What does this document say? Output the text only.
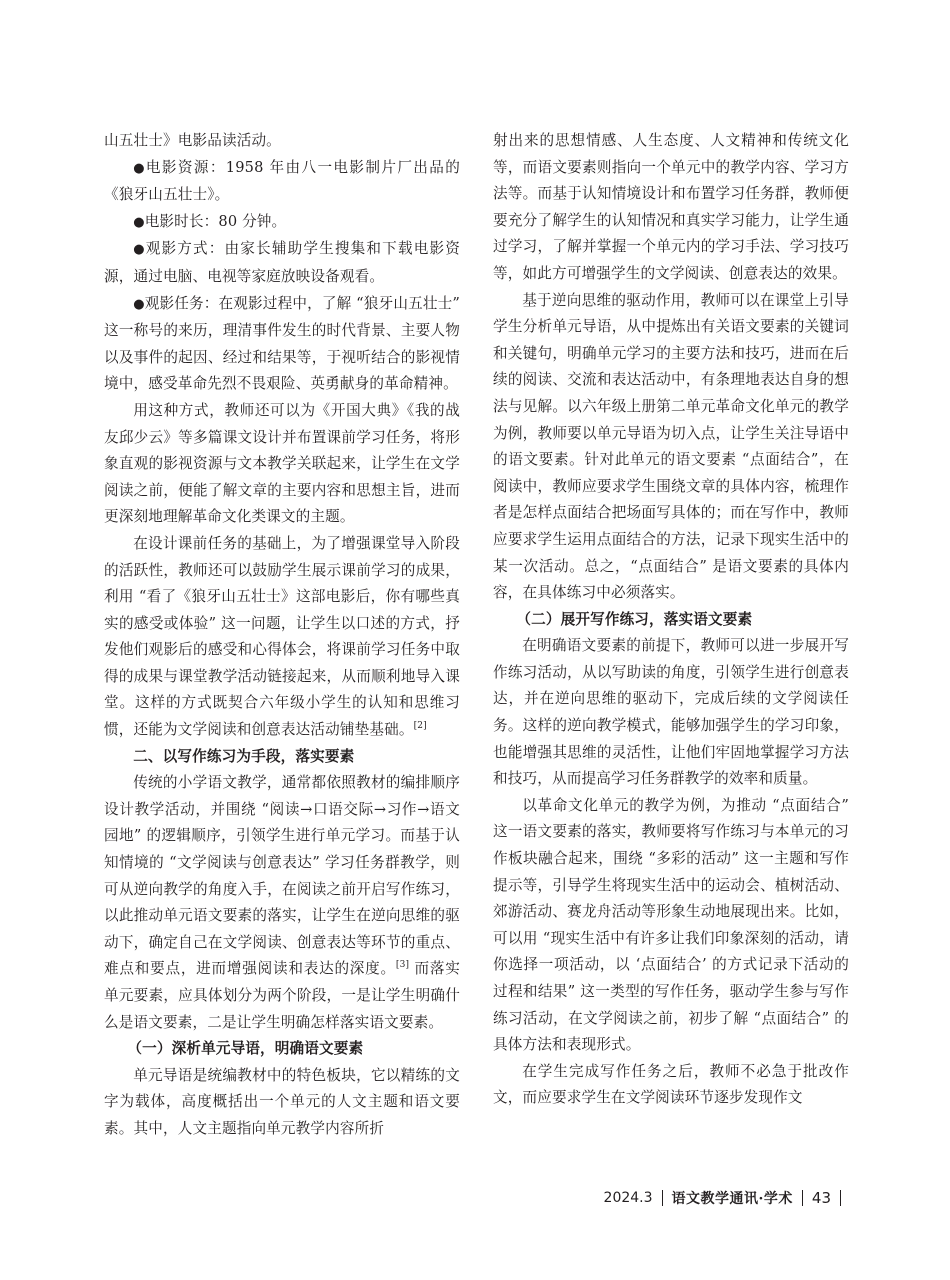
山五壮士》电影品读活动。

●电影资源：1958 年由八一电影制片厂出品的《狼牙山五壮士》。

●电影时长：80 分钟。

●观影方式：由家长辅助学生搜集和下载电影资源，通过电脑、电视等家庭放映设备观看。

●观影任务：在观影过程中，了解 “狼牙山五壮士” 这一称号的来历，理清事件发生的时代背景、主要人物以及事件的起因、经过和结果等，于视听结合的影视情境中，感受革命先烈不畏艰险、英勇献身的革命精神。

用这种方式，教师还可以为《开国大典》《我的战友邱少云》等多篇课文设计并布置课前学习任务，将形象直观的影视资源与文本教学关联起来，让学生在文学阅读之前，便能了解文章的主要内容和思想主旨，进而更深刻地理解革命文化类课文的主题。

在设计课前任务的基础上，为了增强课堂导入阶段的活跃性，教师还可以鼓励学生展示课前学习的成果，利用 “看了《狼牙山五壮士》这部电影后，你有哪些真实的感受或体验” 这一问题，让学生以口述的方式，抒发他们观影后的感受和心得体会，将课前学习任务中取得的成果与课堂教学活动链接起来，从而顺利地导入课堂。这样的方式既契合六年级小学生的认知和思维习惯，还能为文学阅读和创意表达活动铺垫基础。[2]

二、以写作练习为手段，落实要素

传统的小学语文教学，通常都依照教材的编排顺序设计教学活动，并围绕 “阅读→口语交际→习作→语文园地” 的逻辑顺序，引领学生进行单元学习。而基于认知情境的 “文学阅读与创意表达” 学习任务群教学，则可从逆向教学的角度入手，在阅读之前开启写作练习，以此推动单元语文要素的落实，让学生在逆向思维的驱动下，确定自己在文学阅读、创意表达等环节的重点、难点和要点，进而增强阅读和表达的深度。[3] 而落实单元要素，应具体划分为两个阶段，一是让学生明确什么是语文要素，二是让学生明确怎样落实语文要素。

（一）深析单元导语，明确语文要素

单元导语是统编教材中的特色板块，它以精练的文字为载体，高度概括出一个单元的人文主题和语文要素。其中，人文主题指向单元教学内容所折

射出来的思想情感、人生态度、人文精神和传统文化等，而语文要素则指向一个单元中的教学内容、学习方法等。而基于认知情境设计和布置学习任务群，教师便要充分了解学生的认知情况和真实学习能力，让学生通过学习，了解并掌握一个单元内的学习手法、学习技巧等，如此方可增强学生的文学阅读、创意表达的效果。

基于逆向思维的驱动作用，教师可以在课堂上引导学生分析单元导语，从中提炼出有关语文要素的关键词和关键句，明确单元学习的主要方法和技巧，进而在后续的阅读、交流和表达活动中，有条理地表达自身的想法与见解。以六年级上册第二单元革命文化单元的教学为例，教师要以单元导语为切入点，让学生关注导语中的语文要素。针对此单元的语文要素 “点面结合”，在阅读中，教师应要求学生围绕文章的具体内容，梳理作者是怎样点面结合把场面写具体的；而在写作中，教师应要求学生运用点面结合的方法，记录下现实生活中的某一次活动。总之，“点面结合” 是语文要素的具体内容，在具体练习中必须落实。

（二）展开写作练习，落实语文要素

在明确语文要素的前提下，教师可以进一步展开写作练习活动，从以写助读的角度，引领学生进行创意表达，并在逆向思维的驱动下，完成后续的文学阅读任务。这样的逆向教学模式，能够加强学生的学习印象，也能增强其思维的灵活性，让他们牢固地掌握学习方法和技巧，从而提高学习任务群教学的效率和质量。

以革命文化单元的教学为例，为推动 “点面结合” 这一语文要素的落实，教师要将写作练习与本单元的习作板块融合起来，围绕 “多彩的活动” 这一主题和写作提示等，引导学生将现实生活中的运动会、植树活动、郊游活动、赛龙舟活动等形象生动地展现出来。比如，可以用 “现实生活中有许多让我们印象深刻的活动，请你选择一项活动，以 ‘点面结合’ 的方式记录下活动的过程和结果” 这一类型的写作任务，驱动学生参与写作练习活动，在文学阅读之前，初步了解 “点面结合” 的具体方法和表现形式。

在学生完成写作任务之后，教师不必急于批改作文，而应要求学生在文学阅读环节逐步发现作文

2024.3 语文教学通讯·学术 43
